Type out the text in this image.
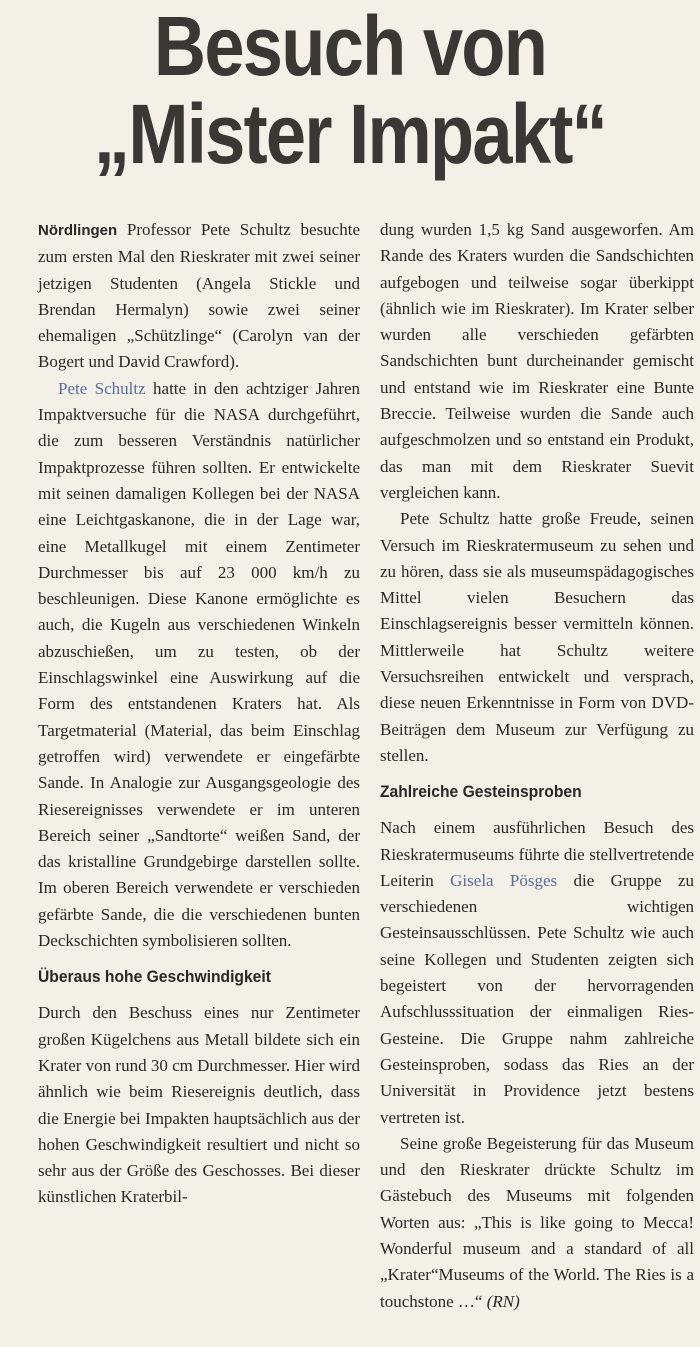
Besuch von
„Mister Impakt“

Nördlingen Professor Pete Schultz besuchte zum ersten Mal den Rieskrater mit zwei seiner jetzigen Studenten (Angela Stickle und Brendan Hermalyn) sowie zwei seiner ehemaligen „Schützlinge“ (Carolyn van der Bogert und David Crawford).

Pete Schultz hatte in den achtziger Jahren Impaktversuche für die NASA durchgeführt, die zum besseren Verständnis natürlicher Impaktprozesse führen sollten. Er entwickelte mit seinen damaligen Kollegen bei der NASA eine Leichtgaskanone, die in der Lage war, eine Metallkugel mit einem Zentimeter Durchmesser bis auf 23 000 km/h zu beschleunigen. Diese Kanone ermöglichte es auch, die Kugeln aus verschiedenen Winkeln abzuschießen, um zu testen, ob der Einschlagswinkel eine Auswirkung auf die Form des entstandenen Kraters hat. Als Targetmaterial (Material, das beim Einschlag getroffen wird) verwendete er eingefärbte Sande. In Analogie zur Ausgangsgeologie des Riesereignisses verwendete er im unteren Bereich seiner „Sandtorte“ weißen Sand, der das kristalline Grundgebirge darstellen sollte. Im oberen Bereich verwendete er verschieden gefärbte Sande, die die verschiedenen bunten Deckschichten symbolisieren sollten.

Überaus hohe Geschwindigkeit

Durch den Beschuss eines nur Zentimeter großen Kügelchens aus Metall bildete sich ein Krater von rund 30 cm Durchmesser. Hier wird ähnlich wie beim Riesereignis deutlich, dass die Energie bei Impakten hauptsächlich aus der hohen Geschwindigkeit resultiert und nicht so sehr aus der Größe des Geschosses. Bei dieser künstlichen Kraterbil-

dung wurden 1,5 kg Sand ausgeworfen. Am Rande des Kraters wurden die Sandschichten aufgebogen und teilweise sogar überkippt (ähnlich wie im Rieskrater). Im Krater selber wurden alle verschieden gefärbten Sandschichten bunt durcheinander gemischt und entstand wie im Rieskrater eine Bunte Breccie. Teilweise wurden die Sande auch aufgeschmolzen und so entstand ein Produkt, das man mit dem Rieskrater Suevit vergleichen kann.

Pete Schultz hatte große Freude, seinen Versuch im Rieskratermuseum zu sehen und zu hören, dass sie als museumspädagogisches Mittel vielen Besuchern das Einschlagsereignis besser vermitteln können. Mittlerweile hat Schultz weitere Versuchsreihen entwickelt und versprach, diese neuen Erkenntnisse in Form von DVD-Beiträgen dem Museum zur Verfügung zu stellen.

Zahlreiche Gesteinsproben

Nach einem ausführlichen Besuch des Rieskratermuseums führte die stellvertretende Leiterin Gisela Pösges die Gruppe zu verschiedenen wichtigen Gesteinsausschlüssen. Pete Schultz wie auch seine Kollegen und Studenten zeigten sich begeistert von der hervorragenden Aufschlusssituation der einmaligen Ries-Gesteine. Die Gruppe nahm zahlreiche Gesteinsproben, sodass das Ries an der Universität in Providence jetzt bestens vertreten ist.

Seine große Begeisterung für das Museum und den Rieskrater drückte Schultz im Gästebuch des Museums mit folgenden Worten aus: „This is like going to Mecca! Wonderful museum and a standard of all „Krater“Museums of the World. The Ries is a touchstone …“ (RN)
